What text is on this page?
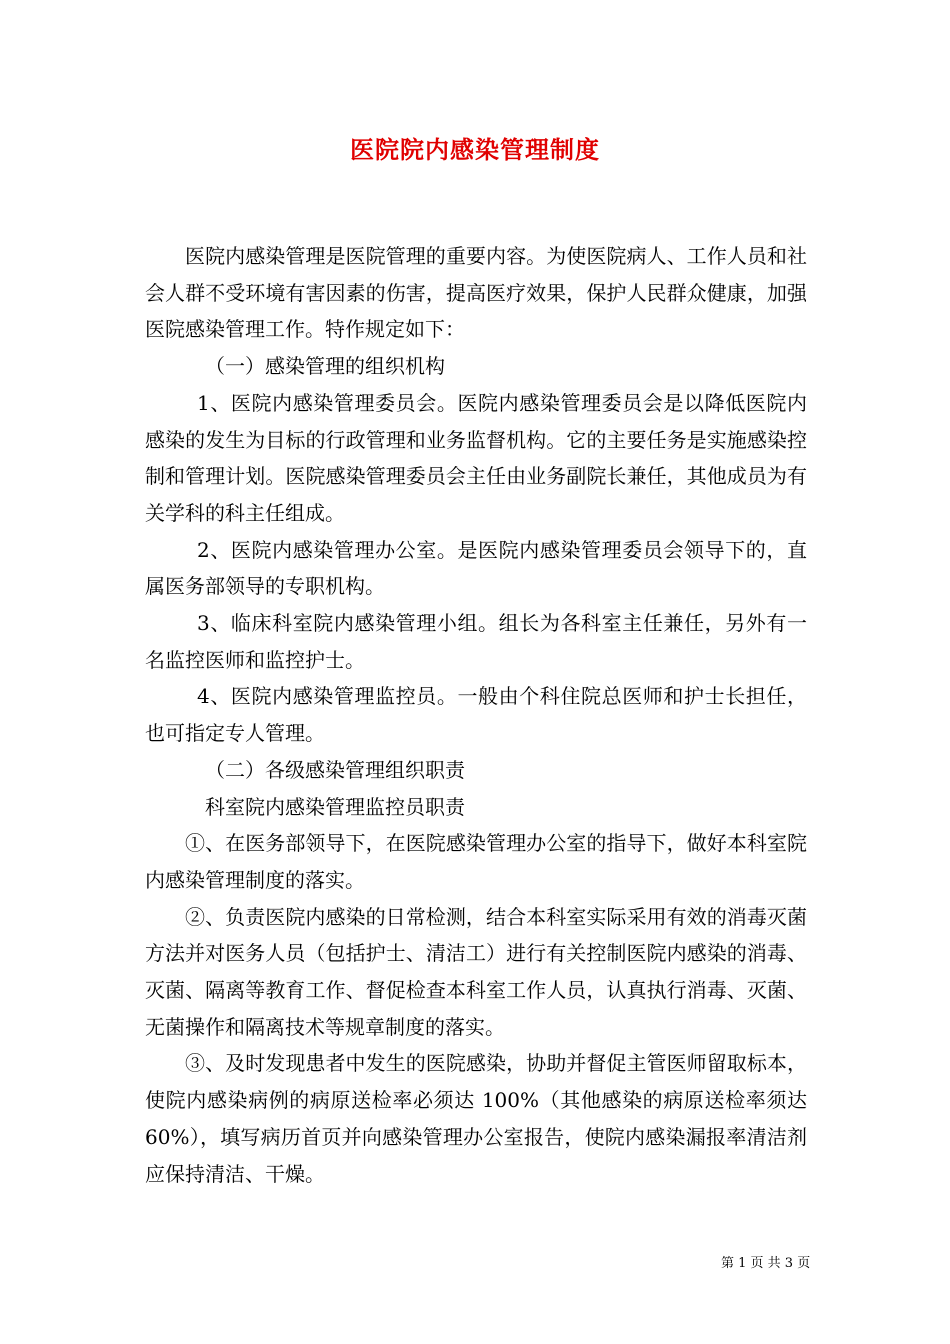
医院院内感染管理制度

医院内感染管理是医院管理的重要内容。为使医院病人、工作人员和社会人群不受环境有害因素的伤害，提高医疗效果，保护人民群众健康，加强医院感染管理工作。特作规定如下：

（一）感染管理的组织机构

1、医院内感染管理委员会。医院内感染管理委员会是以降低医院内感染的发生为目标的行政管理和业务监督机构。它的主要任务是实施感染控制和管理计划。医院感染管理委员会主任由业务副院长兼任，其他成员为有关学科的科主任组成。

2、医院内感染管理办公室。是医院内感染管理委员会领导下的，直属医务部领导的专职机构。

3、临床科室院内感染管理小组。组长为各科室主任兼任，另外有一名监控医师和监控护士。

4、医院内感染管理监控员。一般由个科住院总医师和护士长担任，也可指定专人管理。

（二）各级感染管理组织职责

科室院内感染管理监控员职责

①、在医务部领导下，在医院感染管理办公室的指导下，做好本科室院内感染管理制度的落实。

②、负责医院内感染的日常检测，结合本科室实际采用有效的消毒灭菌方法并对医务人员（包括护士、清洁工）进行有关控制医院内感染的消毒、灭菌、隔离等教育工作、督促检查本科室工作人员，认真执行消毒、灭菌、无菌操作和隔离技术等规章制度的落实。

③、及时发现患者中发生的医院感染，协助并督促主管医师留取标本，使院内感染病例的病原送检率必须达 100%（其他感染的病原送检率须达 60%），填写病历首页并向感染管理办公室报告，使院内感染漏报率清洁剂应保持清洁、干燥。

第 1 页 共 3 页
